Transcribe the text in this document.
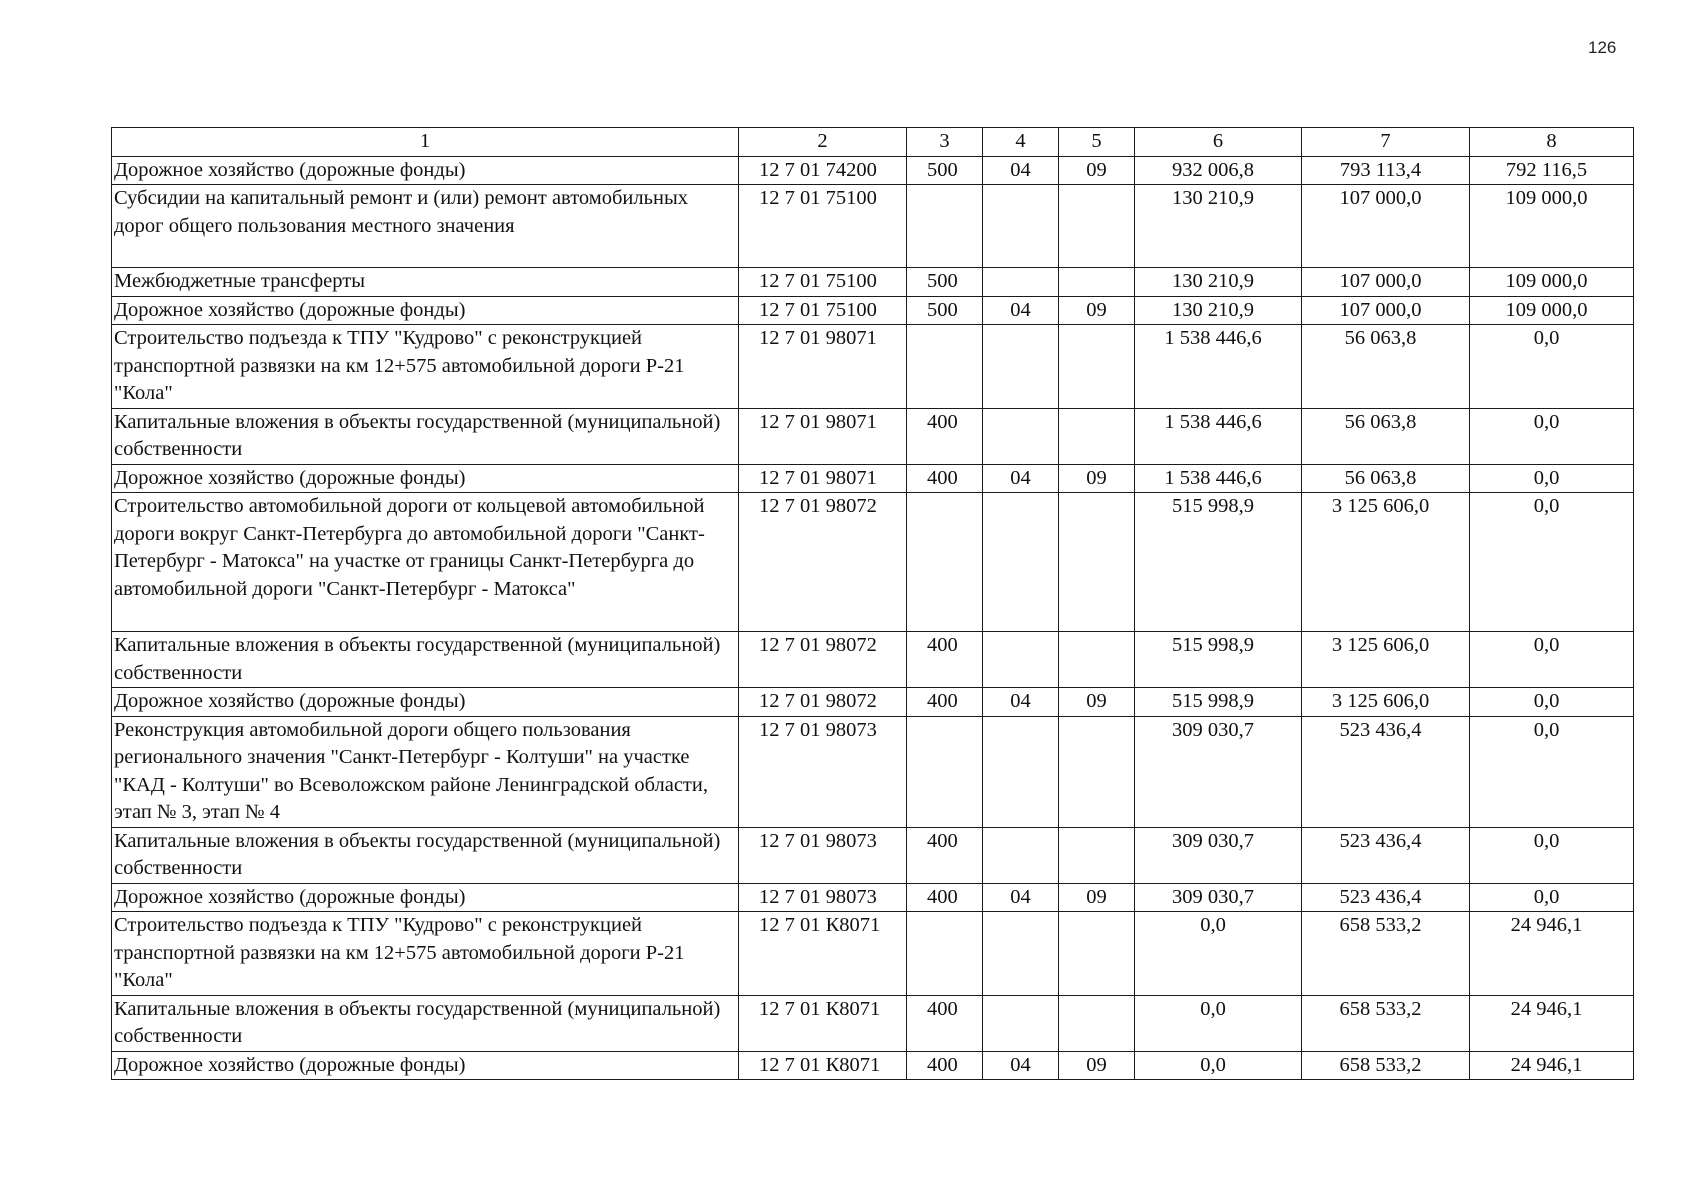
126
1	2	3	4	5	6	7	8
Дорожное хозяйство (дорожные фонды)	12 7 01 74200	500	04	09	932 006,8	793 113,4	792 116,5
Субсидии на капитальный ремонт и (или) ремонт автомобильных дорог общего пользования местного значения	12 7 01 75100				130 210,9	107 000,0	109 000,0
Межбюджетные трансферты	12 7 01 75100	500			130 210,9	107 000,0	109 000,0
Дорожное хозяйство (дорожные фонды)	12 7 01 75100	500	04	09	130 210,9	107 000,0	109 000,0
Строительство подъезда к ТПУ "Кудрово" с реконструкцией транспортной развязки на км 12+575 автомобильной дороги Р-21 "Кола"	12 7 01 98071				1 538 446,6	56 063,8	0,0
Капитальные вложения в объекты государственной (муниципальной) собственности	12 7 01 98071	400			1 538 446,6	56 063,8	0,0
Дорожное хозяйство (дорожные фонды)	12 7 01 98071	400	04	09	1 538 446,6	56 063,8	0,0
Строительство автомобильной дороги от кольцевой автомобильной дороги вокруг Санкт-Петербурга до автомобильной дороги "Санкт-Петербург - Матокса" на участке от границы Санкт-Петербурга до автомобильной дороги "Санкт-Петербург - Матокса"	12 7 01 98072				515 998,9	3 125 606,0	0,0
Капитальные вложения в объекты государственной (муниципальной) собственности	12 7 01 98072	400			515 998,9	3 125 606,0	0,0
Дорожное хозяйство (дорожные фонды)	12 7 01 98072	400	04	09	515 998,9	3 125 606,0	0,0
Реконструкция автомобильной дороги общего пользования регионального значения "Санкт-Петербург - Колтуши" на участке "КАД - Колтуши" во Всеволожском районе Ленинградской области, этап № 3, этап № 4	12 7 01 98073				309 030,7	523 436,4	0,0
Капитальные вложения в объекты государственной (муниципальной) собственности	12 7 01 98073	400			309 030,7	523 436,4	0,0
Дорожное хозяйство (дорожные фонды)	12 7 01 98073	400	04	09	309 030,7	523 436,4	0,0
Строительство подъезда к ТПУ "Кудрово" с реконструкцией транспортной развязки на км 12+575 автомобильной дороги Р-21 "Кола"	12 7 01 К8071				0,0	658 533,2	24 946,1
Капитальные вложения в объекты государственной (муниципальной) собственности	12 7 01 К8071	400			0,0	658 533,2	24 946,1
Дорожное хозяйство (дорожные фонды)	12 7 01 К8071	400	04	09	0,0	658 533,2	24 946,1
